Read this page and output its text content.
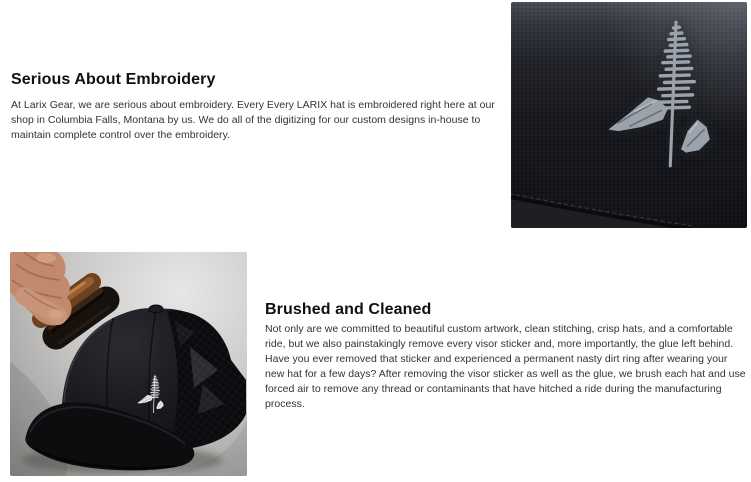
Serious About Embroidery

At Larix Gear, we are serious about embroidery. Every Every LARIX hat is embroidered right here at our shop in Columbia Falls, Montana by us. We do all of the digitizing for our custom designs in-house to maintain complete control over the embroidery.

Brushed and Cleaned

Not only are we committed to beautiful custom artwork, clean stitching, crisp hats, and a comfortable ride, but we also painstakingly remove every visor sticker and, more importantly, the glue left behind. Have you ever removed that sticker and experienced a permanent nasty dirt ring after wearing your new hat for a few days? After removing the visor sticker as well as the glue, we brush each hat and use forced air to remove any thread or contaminants that have hitched a ride during the manufacturing process.
